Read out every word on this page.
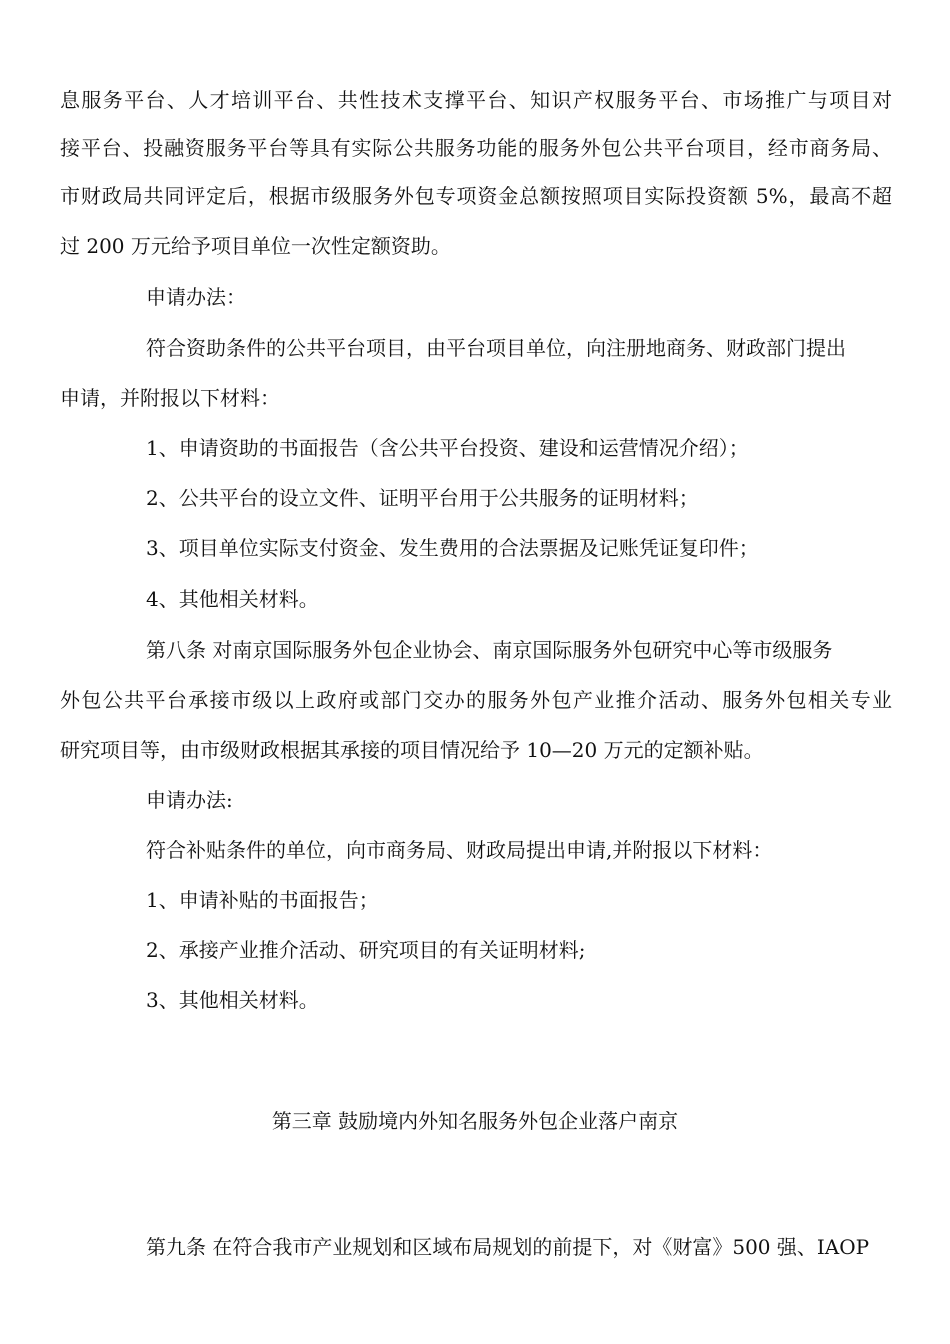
息服务平台、人才培训平台、共性技术支撑平台、知识产权服务平台、市场推广与项目对
接平台、投融资服务平台等具有实际公共服务功能的服务外包公共平台项目，经市商务局、
市财政局共同评定后，根据市级服务外包专项资金总额按照项目实际投资额 5%，最高不超
过 200 万元给予项目单位一次性定额资助。
申请办法：
符合资助条件的公共平台项目，由平台项目单位，向注册地商务、财政部门提出
申请，并附报以下材料：
1、申请资助的书面报告（含公共平台投资、建设和运营情况介绍）；
2、公共平台的设立文件、证明平台用于公共服务的证明材料；
3、项目单位实际支付资金、发生费用的合法票据及记账凭证复印件；
4、其他相关材料。
第八条 对南京国际服务外包企业协会、南京国际服务外包研究中心等市级服务
外包公共平台承接市级以上政府或部门交办的服务外包产业推介活动、服务外包相关专业
研究项目等，由市级财政根据其承接的项目情况给予 10—20 万元的定额补贴。
申请办法:
符合补贴条件的单位，向市商务局、财政局提出申请,并附报以下材料：
1、申请补贴的书面报告；
2、承接产业推介活动、研究项目的有关证明材料;
3、其他相关材料。
第三章 鼓励境内外知名服务外包企业落户南京
第九条 在符合我市产业规划和区域布局规划的前提下，对《财富》500 强、IAOP
